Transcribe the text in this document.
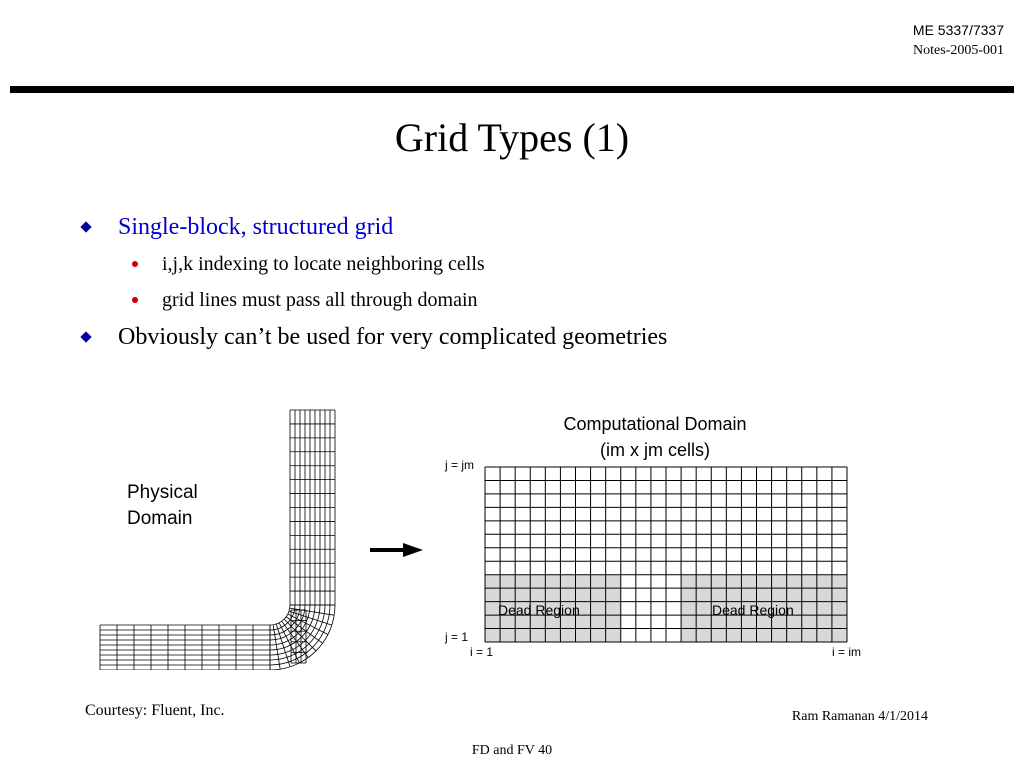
ME 5337/7337
Notes-2005-001
Grid Types (1)
Single-block, structured grid
i,j,k indexing to locate neighboring cells
grid lines must pass all through domain
Obviously can’t be used for very complicated geometries
Physical
Domain
Computational Domain
(im x jm cells)
Dead Region	Dead Region
j = jm
j = 1
i = 1	i = im
Courtesy: Fluent, Inc.	Ram Ramanan 4/1/2014
FD and FV 40
